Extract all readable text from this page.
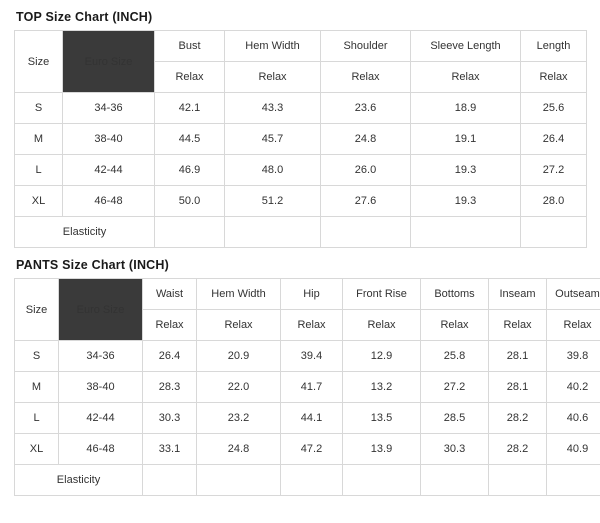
TOP Size Chart (INCH)
Size	Euro Size	Bust	Hem Width	Shoulder	Sleeve Length	Length
		Relax	Relax	Relax	Relax	Relax
S	34-36	42.1	43.3	23.6	18.9	25.6
M	38-40	44.5	45.7	24.8	19.1	26.4
L	42-44	46.9	48.0	26.0	19.3	27.2
XL	46-48	50.0	51.2	27.6	19.3	28.0
Elasticity						
PANTS Size Chart (INCH)
Size	Euro Size	Waist	Hem Width	Hip	Front Rise	Bottoms	Inseam	Outseam
		Relax	Relax	Relax	Relax	Relax	Relax	Relax
S	34-36	26.4	20.9	39.4	12.9	25.8	28.1	39.8
M	38-40	28.3	22.0	41.7	13.2	27.2	28.1	40.2
L	42-44	30.3	23.2	44.1	13.5	28.5	28.2	40.6
XL	46-48	33.1	24.8	47.2	13.9	30.3	28.2	40.9
Elasticity								
